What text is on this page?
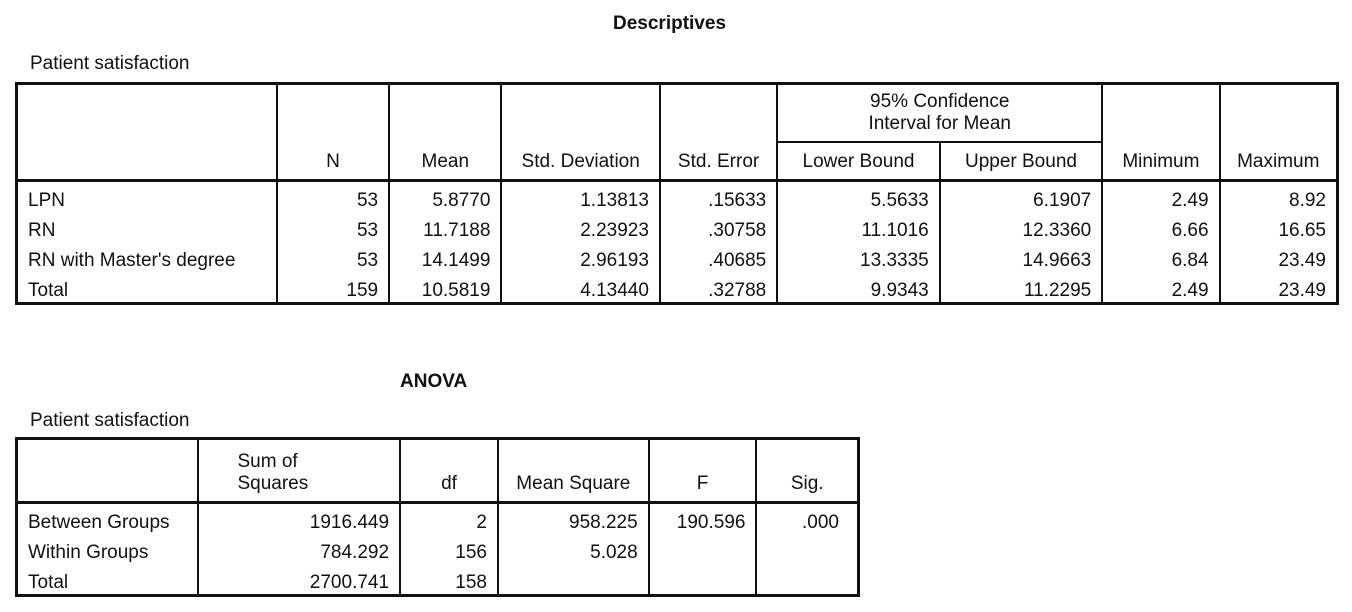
Descriptives
Patient satisfaction
	N	Mean	Std. Deviation	Std. Error	95% Confidence Interval for Mean		Minimum	Maximum
					Lower Bound	Upper Bound		
LPN	53	5.8770	1.13813	.15633	5.5633	6.1907	2.49	8.92
RN	53	11.7188	2.23923	.30758	11.1016	12.3360	6.66	16.65
RN with Master's degree	53	14.1499	2.96193	.40685	13.3335	14.9663	6.84	23.49
Total	159	10.5819	4.13440	.32788	9.9343	11.2295	2.49	23.49
ANOVA
Patient satisfaction
	Sum of Squares	df	Mean Square	F	Sig.
Between Groups	1916.449	2	958.225	190.596	.000
Within Groups	784.292	156	5.028		
Total	2700.741	158			
